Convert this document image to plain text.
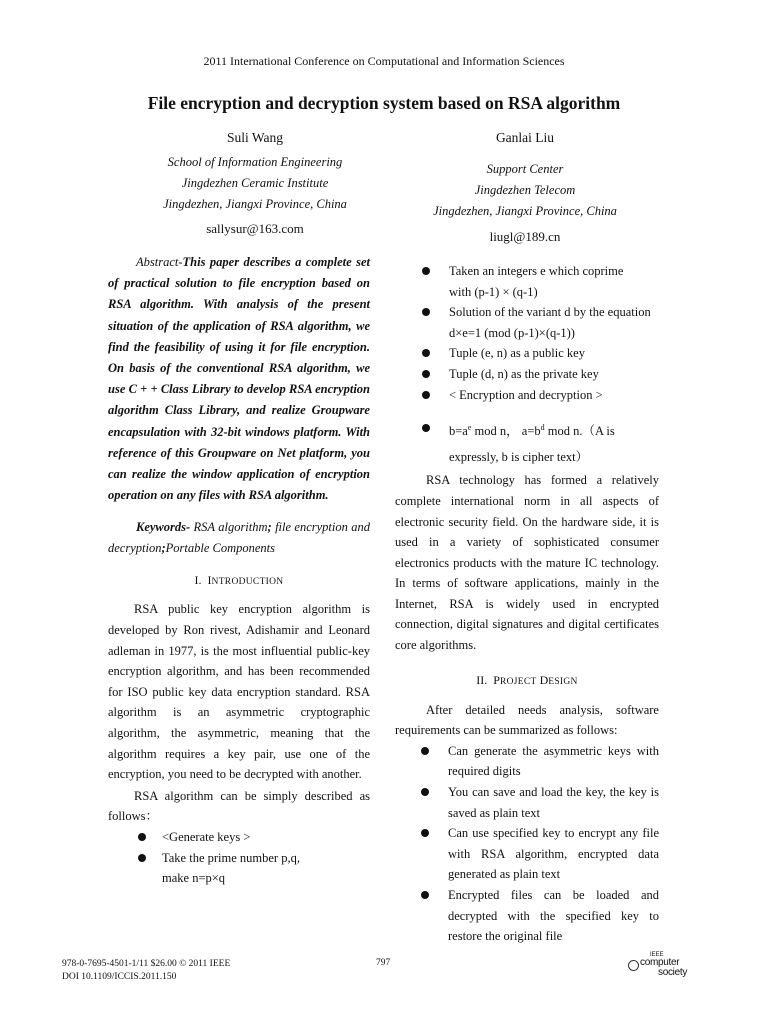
2011 International Conference on Computational and Information Sciences
File encryption and decryption system based on RSA algorithm
Suli Wang
School of Information Engineering
Jingdezhen Ceramic Institute
Jingdezhen, Jiangxi Province, China
sallysur@163.com
Ganlai Liu
Support Center
Jingdezhen Telecom
Jingdezhen, Jiangxi Province, China
liugl@189.cn

Abstract-This paper describes a complete set of practical solution to file encryption based on RSA algorithm. With analysis of the present situation of the application of RSA algorithm, we find the feasibility of using it for file encryption. On basis of the conventional RSA algorithm, we use C + + Class Library to develop RSA encryption algorithm Class Library, and realize Groupware encapsulation with 32-bit windows platform. With reference of this Groupware on Net platform, you can realize the window application of encryption operation on any files with RSA algorithm.

Keywords- RSA algorithm; file encryption and decryption;Portable Components

I. INTRODUCTION

RSA public key encryption algorithm is developed by Ron rivest, Adishamir and Leonard adleman in 1977, is the most influential public-key encryption algorithm, and has been recommended for ISO public key data encryption standard. RSA algorithm is an asymmetric cryptographic algorithm, the asymmetric, meaning that the algorithm requires a key pair, use one of the encryption, you need to be decrypted with another.

RSA algorithm can be simply described as follows：

<Generate keys >
Take the prime number p,q, make n=p×q
Taken an integers e which coprime with (p-1) × (q-1)
Solution of the variant d by the equation d×e=1 (mod (p-1)×(q-1))
Tuple (e, n) as a public key
Tuple (d, n) as the private key
< Encryption and decryption >
$b=a^e$ mod n， $a=b^d$ mod n.（A is expressly, b is cipher text）

RSA technology has formed a relatively complete international norm in all aspects of electronic security field. On the hardware side, it is used in a variety of sophisticated consumer electronics products with the mature IC technology. In terms of software applications, mainly in the Internet, RSA is widely used in encrypted connection, digital signatures and digital certificates core algorithms.

II. PROJECT DESIGN

After detailed needs analysis, software requirements can be summarized as follows:

Can generate the asymmetric keys with required digits
You can save and load the key, the key is saved as plain text
Can use specified key to encrypt any file with RSA algorithm, encrypted data generated as plain text
Encrypted files can be loaded and decrypted with the specified key to restore the original file
978-0-7695-4501-1/11 $26.00 © 2011 IEEE
DOI 10.1109/ICCIS.2011.150
797
IEEE
computer
society
